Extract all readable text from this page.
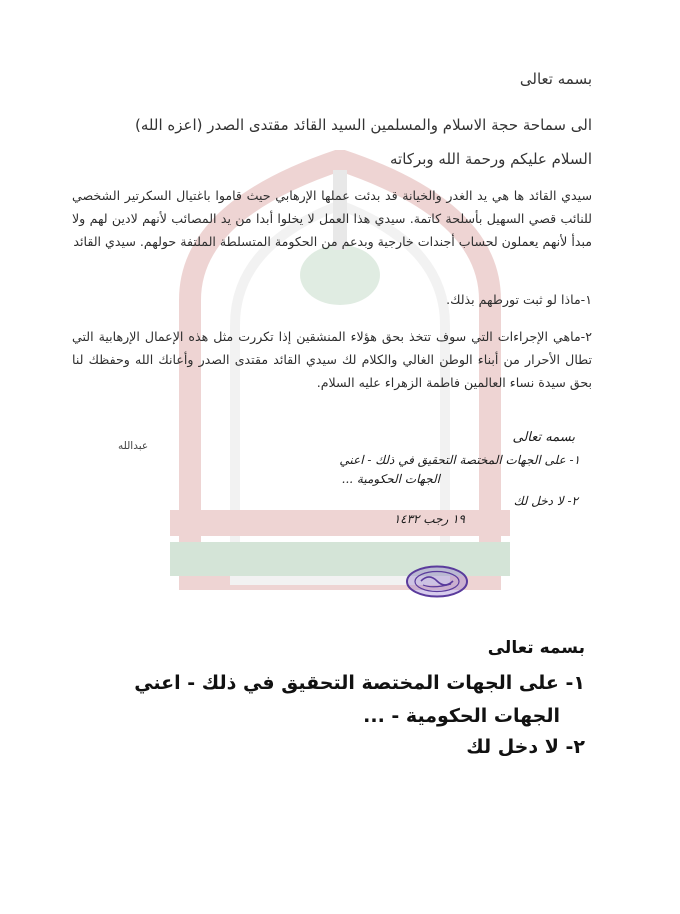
بسمه تعالى
الى سماحة حجة الاسلام والمسلمين السيد القائد مقتدى الصدر (اعزه الله)
السلام عليكم ورحمة الله وبركاته
سيدي القائد ها هي يد الغدر والخيانة قد بدئت عملها الإرهابي حيث قاموا باغتيال السكرتير الشخصي للنائب قصي السهيل بأسلحة كاتمة. سيدي هذا العمل لا يخلوا أبدا من يد المصائب لأنهم لادين لهم ولا مبدأ لأنهم يعملون لحساب أجندات خارجية وبدعم من الحكومة المتسلطة الملتفة حولهم. سيدي القائد
١-ماذا لو ثبت تورطهم بذلك.
٢-ماهي الإجراءات التي سوف تتخذ بحق هؤلاء المنشقين إذا تكررت مثل هذه الإعمال الإرهابية التي تطال الأحرار من أبناء الوطن الغالي والكلام لك سيدي القائد مقتدى الصدر وأعانك الله وحفظك لنا بحق سيدة نساء العالمين فاطمة الزهراء عليه السلام.
عبدالله
بسمه تعالى
١- على الجهات المختصة التحقيق في ذلك - اعني
الجهات الحكومية ...
٢- لا دخل لك
١٩ رجب ١٤٣٢
بسمه تعالى
١- على الجهات المختصة التحقيق في ذلك - اعني
الجهات الحكومية - ...
٢- لا دخل لك
